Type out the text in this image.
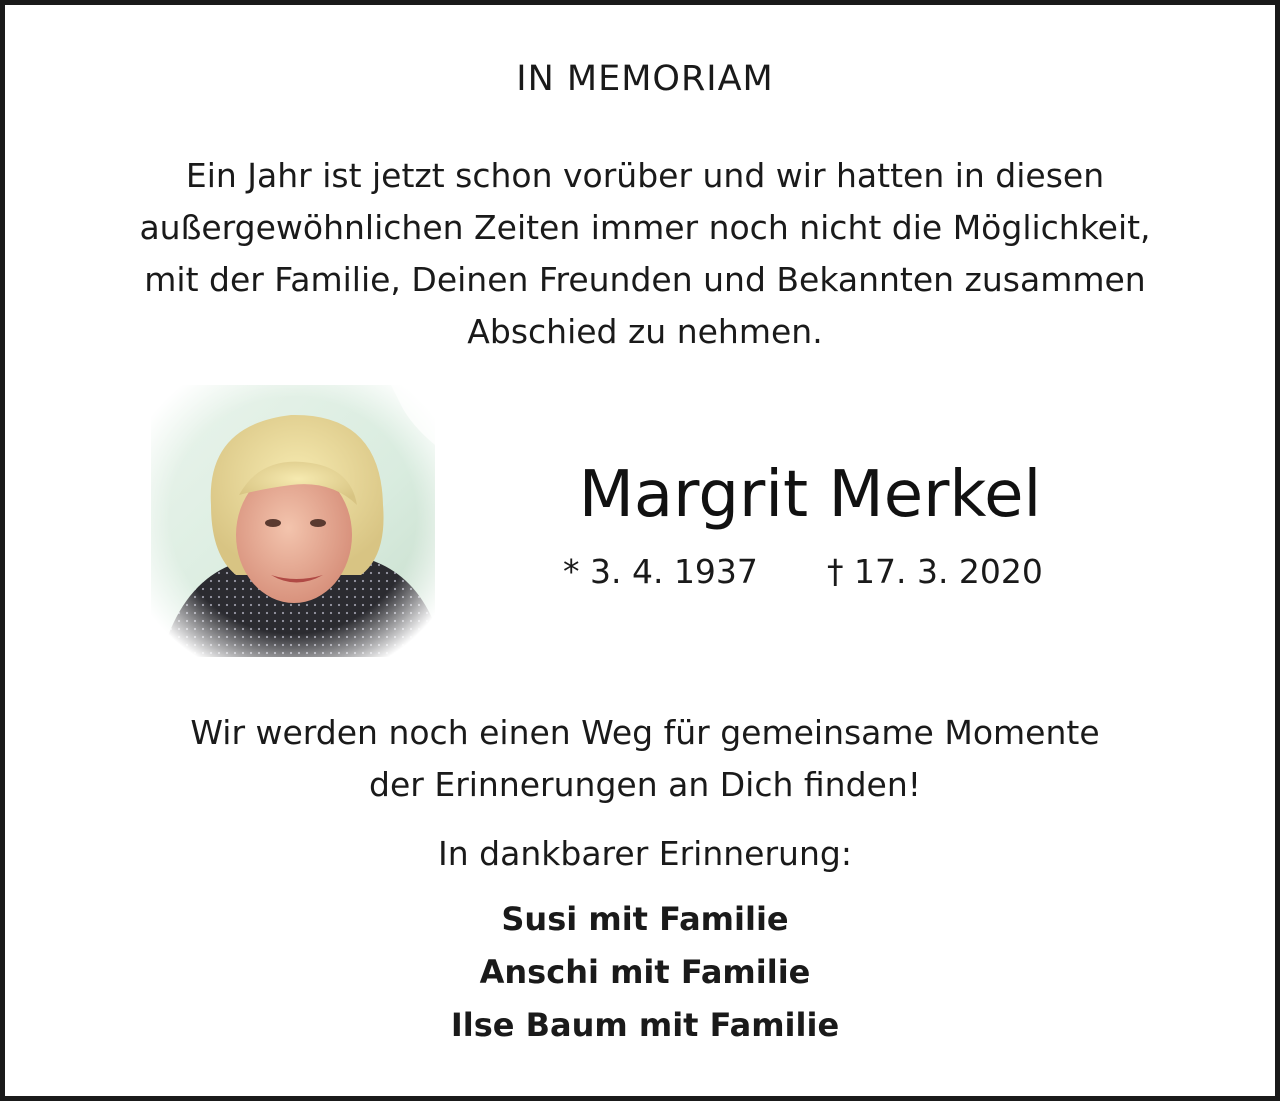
IN MEMORIAM
Ein Jahr ist jetzt schon vorüber und wir hatten in diesen
außergewöhnlichen Zeiten immer noch nicht die Möglichkeit,
mit der Familie, Deinen Freunden und Bekannten zusammen
Abschied zu nehmen.
Margrit Merkel
* 3. 4. 1937 † 17. 3. 2020
Wir werden noch einen Weg für gemeinsame Momente
der Erinnerungen an Dich finden!
In dankbarer Erinnerung:
Susi mit Familie
Anschi mit Familie
Ilse Baum mit Familie
